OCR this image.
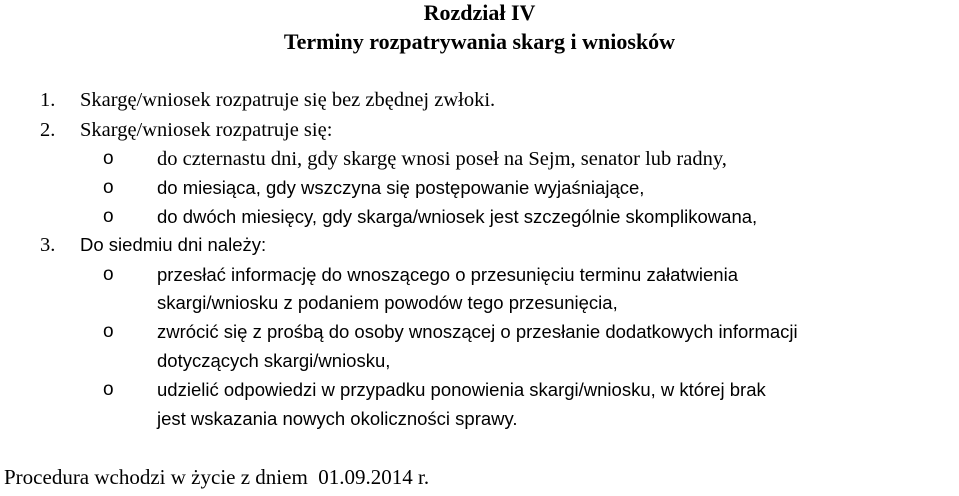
Rozdział IV
Terminy rozpatrywania skarg i wniosków
1. Skargę/wniosek rozpatruje się bez zbędnej zwłoki.
2. Skargę/wniosek rozpatruje się:
o do czternastu dni, gdy skargę wnosi poseł na Sejm, senator lub radny,
o do miesiąca, gdy wszczyna się postępowanie wyjaśniające,
o do dwóch miesięcy, gdy skarga/wniosek jest szczególnie skomplikowana,
3. Do siedmiu dni należy:
o przesłać informację do wnoszącego o przesunięciu terminu załatwienia
skargi/wniosku z podaniem powodów tego przesunięcia,
o zwrócić się z prośbą do osoby wnoszącej o przesłanie dodatkowych informacji
dotyczących skargi/wniosku,
o udzielić odpowiedzi w przypadku ponowienia skargi/wniosku, w której brak
jest wskazania nowych okoliczności sprawy.
Procedura wchodzi w życie z dniem  01.09.2014 r.
